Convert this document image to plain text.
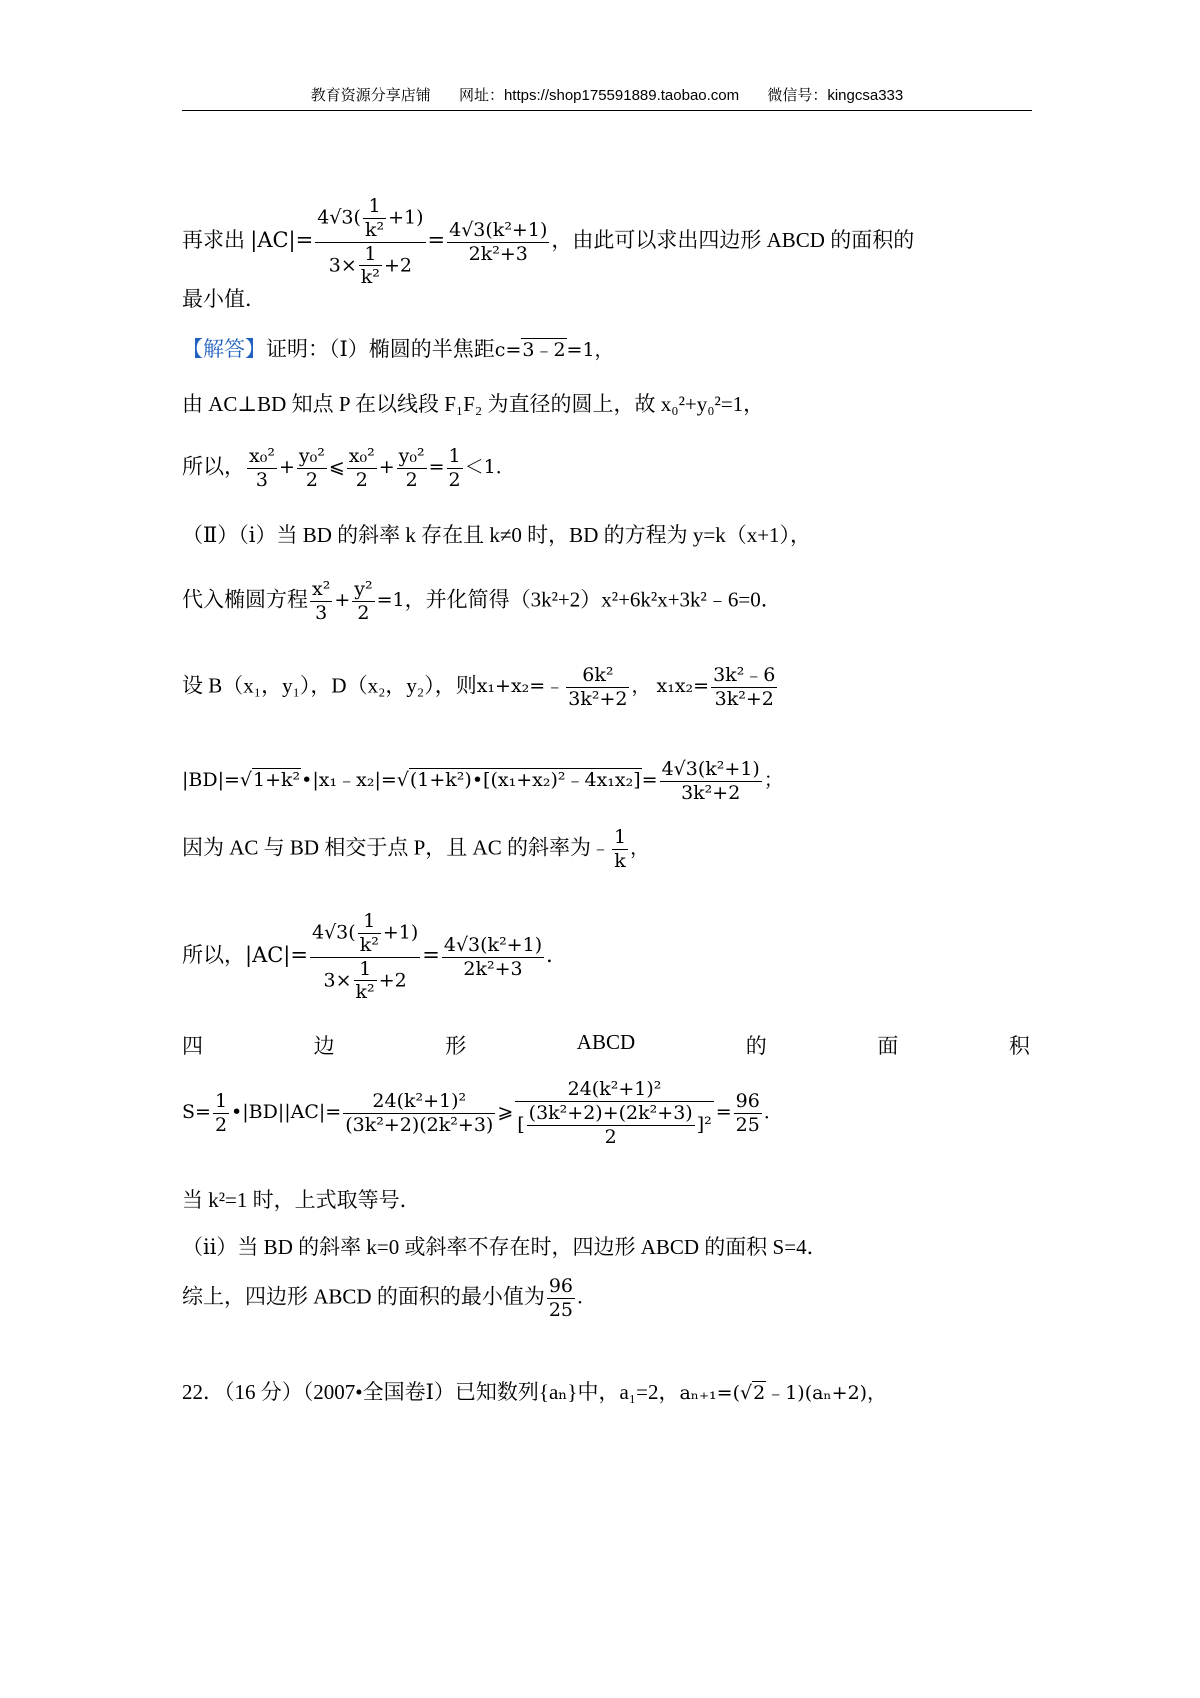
教育资源分享店铺 网址：https://shop175591889.taobao.com 微信号：kingcsa333
再求出 $|AC|= \frac{4√3( \frac{1}{\text{k²}} +1)}{3\times \frac{1}{\text{k²}} +2} = \frac{\text{4√3(k²+1)}}{\text{2k²+3}}$ ，由此可以求出四边形 ABCD 的面积的
最小值．
【解答】证明：（Ⅰ）椭圆的半焦距c=3﹣2=1，
由 AC⊥BD 知点 P 在以线段 F₁F₂ 为直径的圆上，故 x₀²+y₀²=1，
所以， $\frac{\text{x₀²}}{3} + \frac{\text{y₀²}}{2}$ ⩽ $\frac{\text{x₀²}}{2} + \frac{\text{y₀²}}{2} = \frac{1}{2} <1$．
（Ⅱ）（ⅰ）当 BD 的斜率 k 存在且 k≠0 时，BD 的方程为 y=k（x+1），
代入椭圆方程 $\frac{\text{x²}}{3} + \frac{\text{y²}}{2} =1$，并化简得（3k²+2）x²+6k²x+3k²﹣6=0．
设 B（x₁，y₁），D（x₂，y₂），则x₁+x₂=﹣ $\frac{\text{6k²}}{\text{3k²+2}}$ ， $x_1x_2= \frac{\text{3k²﹣6}}{\text{3k²+2}}$
|BD|=√1+k²•|x₁﹣x₂|=√(1+k²)•[(x₁+x₂)²﹣4x₁x₂]= $\frac{\text{4√3(k²+1)}}{\text{3k²+2}}$ ；
因为 AC 与 BD 相交于点 P，且 AC 的斜率为﹣ $\frac{1}{k}$ ，
所以，$|AC|= \frac{4√3( \frac{1}{\text{k²}} +1)}{3\times \frac{1}{\text{k²}} +2} = \frac{\text{4√3(k²+1)}}{\text{2k²+3}}$ ．
四	边	形	ABCD	的	面	积
$S= \frac{1}{2}$ •|BD||AC|= $\frac{\text{24(k²+1)²}}{\text{(3k²+2)(2k²+3)}}$ ⩾ $\frac{\text{24(k²+1)²}}{[ \frac{\text{(3k²+2)+(2k²+3)}}{2} ]^2} = \frac{96}{25}$ ．
当 k²=1 时，上式取等号．
（ⅱ）当 BD 的斜率 k=0 或斜率不存在时，四边形 ABCD 的面积 S=4．
综上，四边形 ABCD 的面积的最小值为 $\frac{96}{25}$ ．
22．（16 分）（2007•全国卷Ⅰ）已知数列{aₙ}中，a₁=2，aₙ₊₁=(√2﹣1)(aₙ+2)，
